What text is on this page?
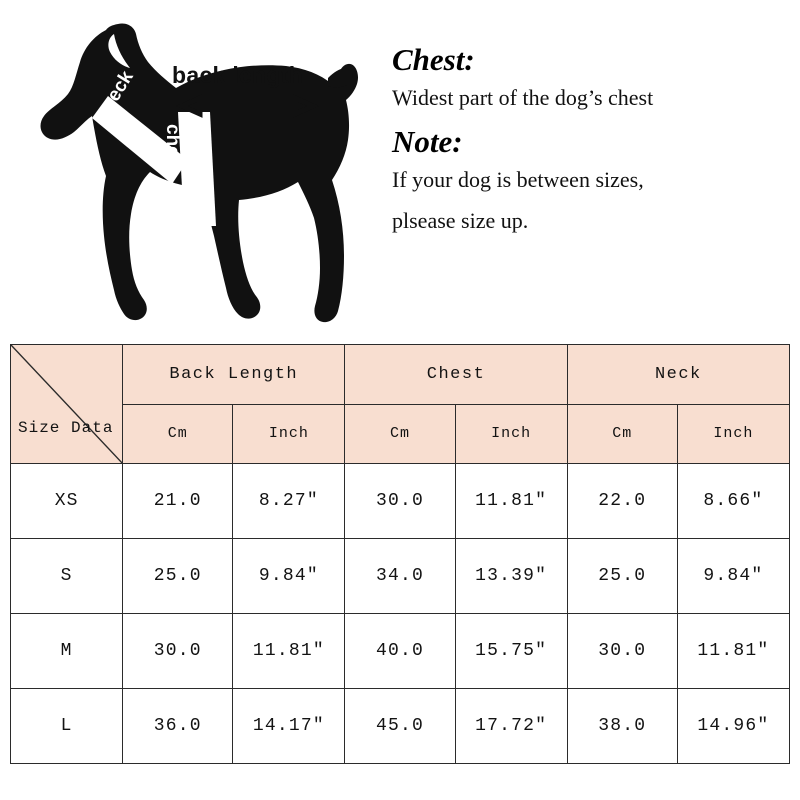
back length
neck
chest

Chest:

Widest part of the dog’s chest

Note:

If your dog is between sizes,

plsease size up.

Size Data	Back Length		Chest		Neck	
	Cm	Inch	Cm	Inch	Cm	Inch
XS	21.0	8.27″	30.0	11.81″	22.0	8.66″
S	25.0	9.84″	34.0	13.39″	25.0	9.84″
M	30.0	11.81″	40.0	15.75″	30.0	11.81″
L	36.0	14.17″	45.0	17.72″	38.0	14.96″
